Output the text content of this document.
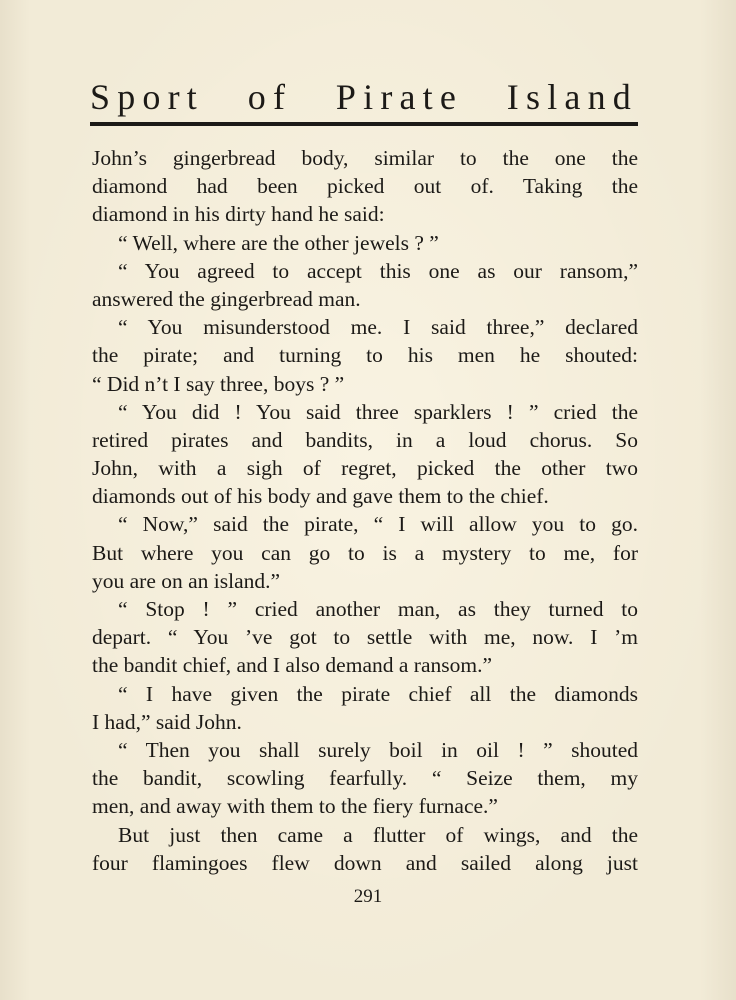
Sport of Pirate Island
John’s gingerbread body, similar to the one the
diamond had been picked out of. Taking the
diamond in his dirty hand he said:
“ Well, where are the other jewels ? ”
“ You agreed to accept this one as our ransom,”
answered the gingerbread man.
“ You misunderstood me. I said three,” declared
the pirate; and turning to his men he shouted:
“ Did n’t I say three, boys ? ”
“ You did ! You said three sparklers ! ” cried the
retired pirates and bandits, in a loud chorus. So
John, with a sigh of regret, picked the other two
diamonds out of his body and gave them to the chief.
“ Now,” said the pirate, “ I will allow you to go.
But where you can go to is a mystery to me, for
you are on an island.”
“ Stop ! ” cried another man, as they turned to
depart. “ You ’ve got to settle with me, now. I ’m
the bandit chief, and I also demand a ransom.”
“ I have given the pirate chief all the diamonds
I had,” said John.
“ Then you shall surely boil in oil ! ” shouted
the bandit, scowling fearfully. “ Seize them, my
men, and away with them to the fiery furnace.”
But just then came a flutter of wings, and the
four flamingoes flew down and sailed along just
291
